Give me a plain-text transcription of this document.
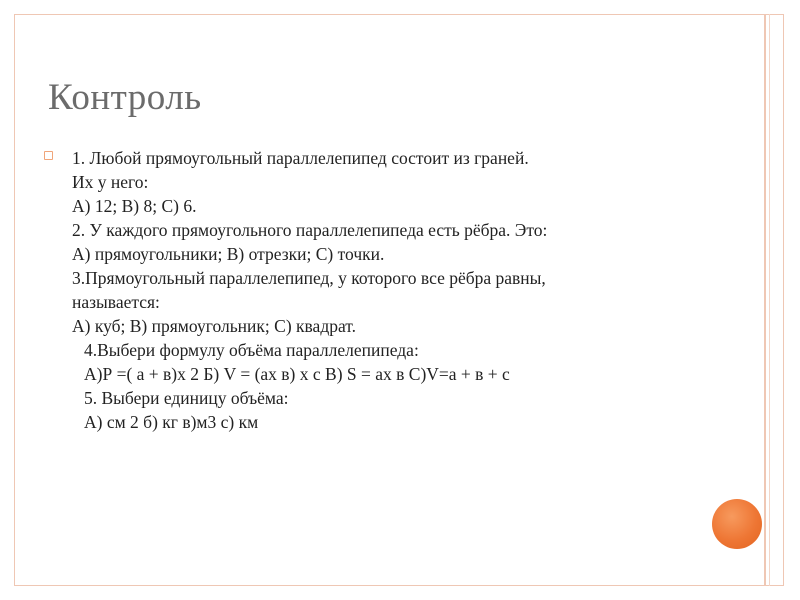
Контроль
1. Любой прямоугольный параллелепипед состоит из граней.
Их у него:
А) 12; В) 8; С) 6.
2. У каждого прямоугольного параллелепипеда есть рёбра. Это:
А) прямоугольники; В) отрезки; С) точки.
3.Прямоугольный параллелепипед, у которого все рёбра равны,
называется:
А) куб; В) прямоугольник; С) квадрат.
4.Выбери формулу объёма параллелепипеда:
А)Р =( а + в)х 2 Б) V = (ах в) х с В) S = ах в С)V=а + в + с
5. Выбери единицу объёма:
А) см 2 б) кг в)м3 с) км
